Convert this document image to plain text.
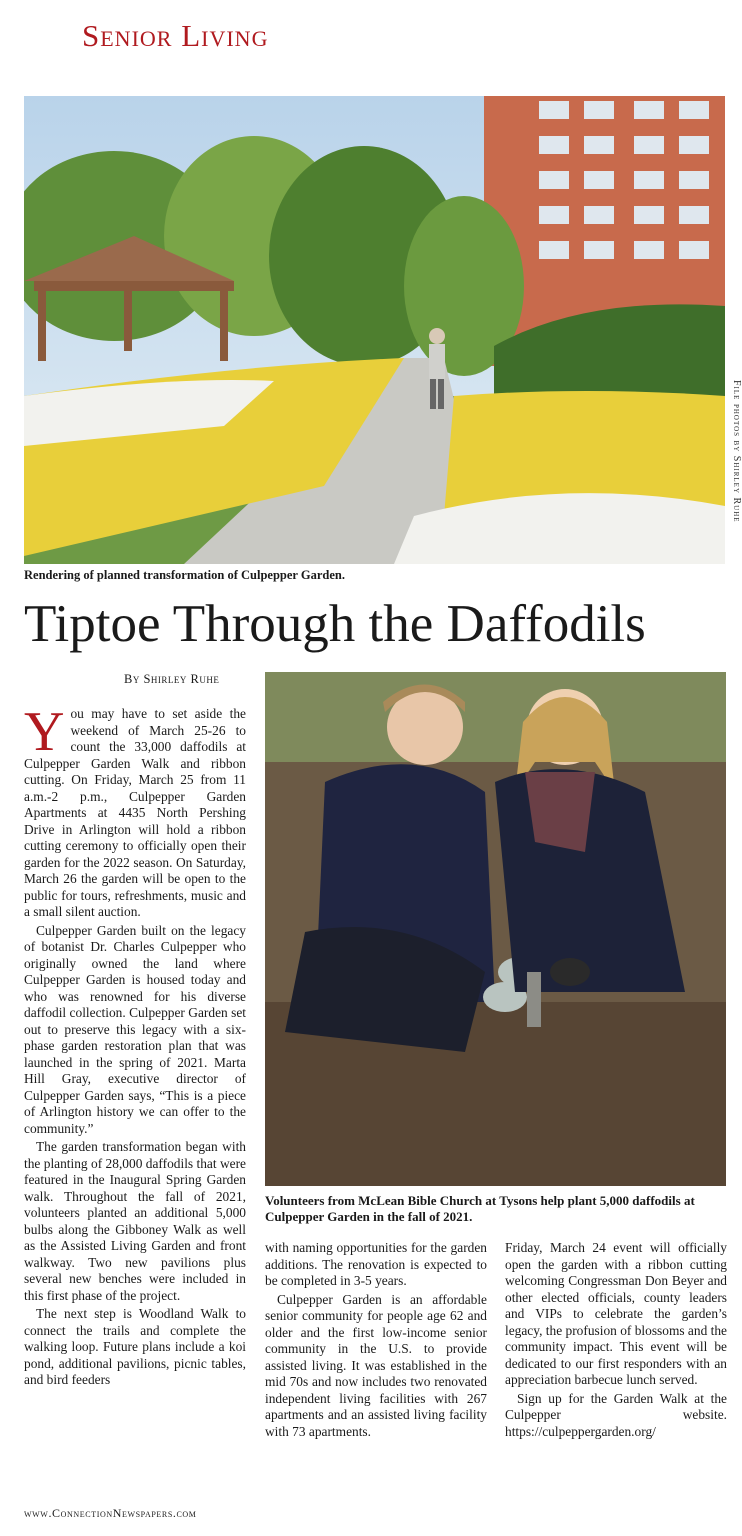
Senior Living
File photos by Shirley Ruhe
Rendering of planned transformation of Culpepper Garden.
Tiptoe Through the Daffodils
By Shirley Ruhe

You may have to set aside the weekend of March 25-26 to count the 33,000 daffodils at Culpepper Garden Walk and ribbon cutting. On Friday, March 25 from 11 a.m.-2 p.m., Culpepper Garden Apartments at 4435 North Pershing Drive in Arlington will hold a ribbon cutting ceremony to officially open their garden for the 2022 season. On Saturday, March 26 the garden will be open to the public for tours, refreshments, music and a small silent auction.

Culpepper Garden built on the legacy of botanist Dr. Charles Culpepper who originally owned the land where Culpepper Garden is housed today and who was renowned for his diverse daffodil collection. Culpepper Garden set out to preserve this legacy with a six-phase garden restoration plan that was launched in the spring of 2021. Marta Hill Gray, executive director of Culpepper Garden says, “This is a piece of Arlington history we can offer to the community.”

The garden transformation began with the planting of 28,000 daffodils that were featured in the Inaugural Spring Garden walk. Throughout the fall of 2021, volunteers planted an additional 5,000 bulbs along the Gibboney Walk as well as the Assisted Living Garden and front walkway. Two new pavilions plus several new benches were included in this first phase of the project.

The next step is Woodland Walk to connect the trails and complete the walking loop. Future plans include a koi pond, additional pavilions, picnic tables, and bird feeders

Volunteers from McLean Bible Church at Tysons help plant 5,000 daffodils at Culpepper Garden in the fall of 2021.

with naming opportunities for the garden additions. The renovation is expected to be completed in 3-5 years.

Culpepper Garden is an affordable senior community for people age 62 and older and the first low-income senior community in the U.S. to provide assisted living. It was established in the mid 70s and now includes two renovated independent living facilities with 267 apartments and an assisted living facility with 73 apartments.

Friday, March 24 event will officially open the garden with a ribbon cutting welcoming Congressman Don Beyer and other elected officials, county leaders and VIPs to celebrate the garden’s legacy, the profusion of blossoms and the community impact. This event will be dedicated to our first responders with an appreciation barbecue lunch served.

Sign up for the Garden Walk at the Culpepper website. https://culpeppergarden.org/

www.ConnectionNewspapers.com
